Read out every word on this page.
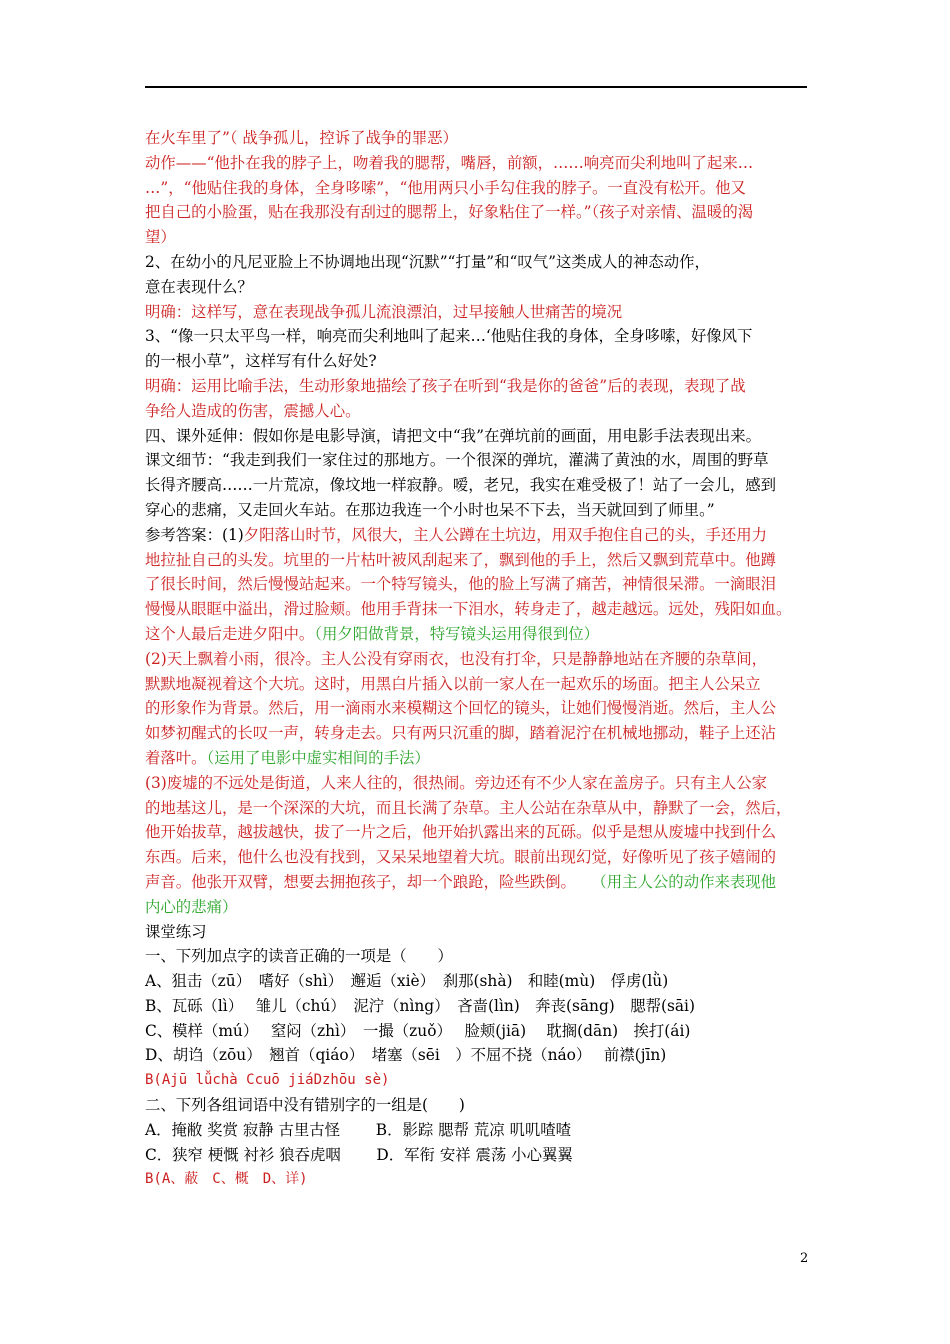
在火车里了”（ 战争孤儿，控诉了战争的罪恶）

动作——“他扑在我的脖子上，吻着我的腮帮，嘴唇，前额，……响亮而尖利地叫了起来…

…”，“他贴住我的身体，全身哆嗦”，“他用两只小手勾住我的脖子。一直没有松开。他又

把自己的小脸蛋，贴在我那没有刮过的腮帮上，好象粘住了一样。”（孩子对亲情、温暖的渴

望）

2、在幼小的凡尼亚脸上不协调地出现“沉默”“打量”和“叹气”这类成人的神态动作，

意在表现什么？

明确：这样写，意在表现战争孤儿流浪漂泊，过早接触人世痛苦的境况

3、“像一只太平鸟一样，响亮而尖利地叫了起来…‘他贴住我的身体，全身哆嗦，好像风下

的一根小草”，这样写有什么好处?

明确：运用比喻手法，生动形象地描绘了孩子在听到“我是你的爸爸”后的表现，表现了战

争给人造成的伤害，震撼人心。

四、课外延伸：假如你是电影导演，请把文中“我”在弹坑前的画面，用电影手法表现出来。

课文细节：“我走到我们一家住过的那地方。一个很深的弹坑，灌满了黄浊的水，周围的野草

长得齐腰高……一片荒凉，像坟地一样寂静。嗳，老兄，我实在难受极了！站了一会儿，感到

穿心的悲痛，又走回火车站。在那边我连一个小时也呆不下去，当天就回到了师里。”

参考答案：(1)夕阳落山时节，风很大，主人公蹲在土坑边，用双手抱住自己的头，手还用力

地拉扯自己的头发。坑里的一片枯叶被风刮起来了，飘到他的手上，然后又飘到荒草中。他蹲

了很长时间，然后慢慢站起来。一个特写镜头，他的脸上写满了痛苦，神情很呆滞。一滴眼泪

慢慢从眼眶中溢出，滑过脸颊。他用手背抹一下泪水，转身走了，越走越远。远处，残阳如血。

这个人最后走进夕阳中。（用夕阳做背景，特写镜头运用得很到位）

(2)天上飘着小雨，很冷。主人公没有穿雨衣，也没有打伞，只是静静地站在齐腰的杂草间，

默默地凝视着这个大坑。这时，用黑白片插入以前一家人在一起欢乐的场面。把主人公呆立

的形象作为背景。然后，用一滴雨水来模糊这个回忆的镜头，让她们慢慢消逝。然后，主人公

如梦初醒式的长叹一声，转身走去。只有两只沉重的脚，踏着泥泞在机械地挪动，鞋子上还沾

着落叶。（运用了电影中虚实相间的手法）

(3)废墟的不远处是街道，人来人往的，很热闹。旁边还有不少人家在盖房子。只有主人公家

的地基这儿，是一个深深的大坑，而且长满了杂草。主人公站在杂草从中，静默了一会，然后，

他开始拔草，越拔越快，拔了一片之后，他开始扒露出来的瓦砾。似乎是想从废墟中找到什么

东西。后来，他什么也没有找到，又呆呆地望着大坑。眼前出现幻觉，好像听见了孩子嬉闹的

声音。他张开双臂，想要去拥抱孩子，却一个踉跄，险些跌倒。　　 （用主人公的动作来表现他

内心的悲痛）

课堂练习

一、下列加点字的读音正确的一项是（　　）

A、狙击（zū）　嗜好（shì）　邂逅（xiè）　刹那(shà)　和睦(mù)　俘虏(lǜ)

B、瓦砾（lì）　 雏儿（chú）　泥泞（nìng）　吝啬(lìn)　奔丧(sāng)　腮帮(sāi)

C、模样（mú）　 窒闷（zhì）　一撮（zuǒ）　 脸颊(jiā)　 耽搁(dān)　挨打(ái)

D、胡诌（zōu）　翘首（qiáo）　堵塞（sēi　）不屈不挠（náo）　 前襟(jīn)

B(Ajū lǚchà Ccuō jiáDzhōu sè)

二、下列各组词语中没有错别字的一组是(　　)

A．掩敝 奖赏 寂静 古里古怪　　 B．影踪 腮帮 荒凉 叽叽喳喳

C．狭窄 梗慨 衬衫 狼吞虎咽　　 D．军衔 安祥 震荡 小心翼翼

B(A、蔽　C、概　D、详)

2
